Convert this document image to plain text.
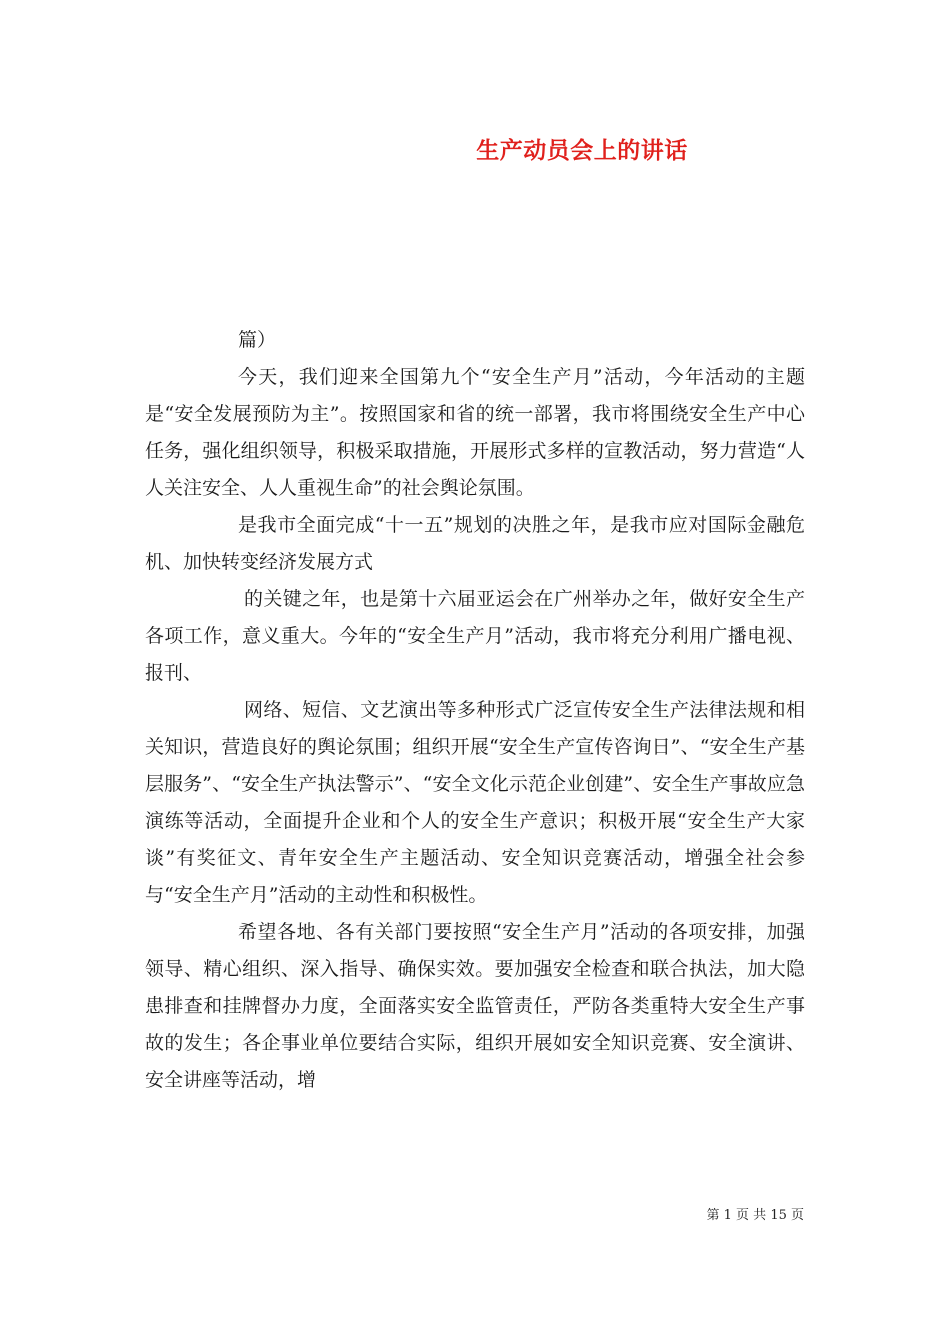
生产动员会上的讲话

篇）

今天，我们迎来全国第九个“安全生产月”活动，今年活动的主题是“安全发展预防为主”。按照国家和省的统一部署，我市将围绕安全生产中心任务，强化组织领导，积极采取措施，开展形式多样的宣教活动，努力营造“人人关注安全、人人重视生命”的社会舆论氛围。

是我市全面完成“十一五”规划的决胜之年，是我市应对国际金融危机、加快转变经济发展方式

的关键之年，也是第十六届亚运会在广州举办之年，做好安全生产各项工作，意义重大。今年的“安全生产月”活动，我市将充分利用广播电视、报刊、

网络、短信、文艺演出等多种形式广泛宣传安全生产法律法规和相关知识，营造良好的舆论氛围；组织开展“安全生产宣传咨询日”、“安全生产基层服务”、“安全生产执法警示”、“安全文化示范企业创建”、安全生产事故应急演练等活动，全面提升企业和个人的安全生产意识；积极开展“安全生产大家谈”有奖征文、青年安全生产主题活动、安全知识竞赛活动，增强全社会参与“安全生产月”活动的主动性和积极性。

希望各地、各有关部门要按照“安全生产月”活动的各项安排，加强领导、精心组织、深入指导、确保实效。要加强安全检查和联合执法，加大隐患排查和挂牌督办力度，全面落实安全监管责任，严防各类重特大安全生产事故的发生；各企事业单位要结合实际，组织开展如安全知识竞赛、安全演讲、安全讲座等活动，增

第 1 页 共 15 页
